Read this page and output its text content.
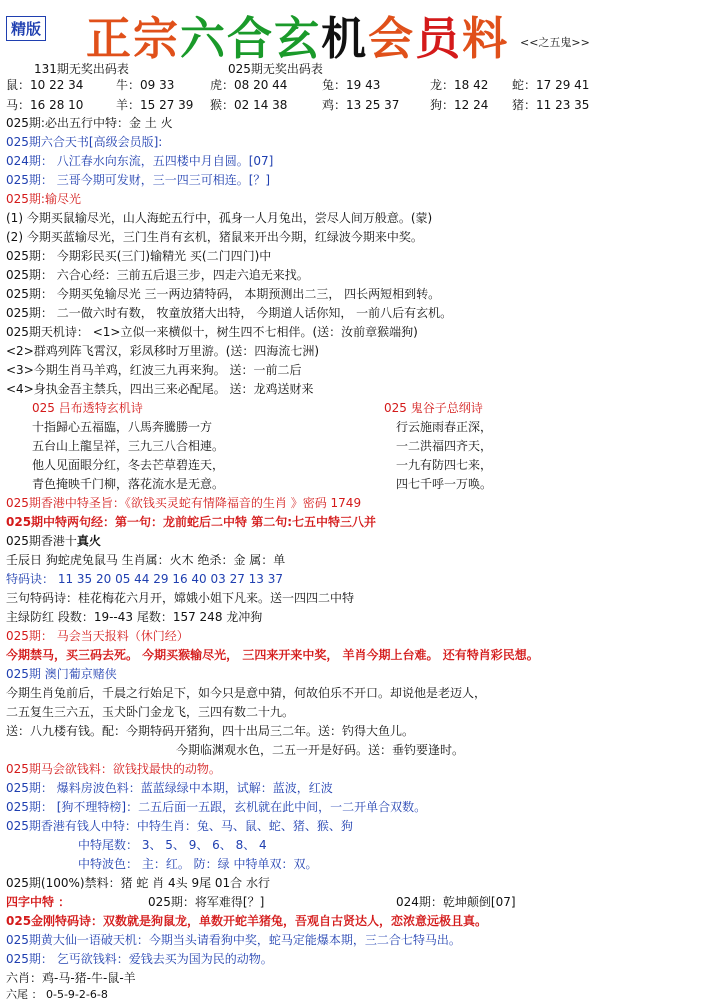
精版 正宗六合玄机会员料 <<之五鬼>>
131期无奖出码表	025期无奖出码表
鼠：10 22 34	牛：09 33	虎：08 20 44	兔：19 43	龙：18 42 蛇：17 29 41
马：16 28 10	羊：15 27 39 猴：02 14 38	鸡：13 25 37	狗：12 24 猪：11 23 35
025期:必出五行中特：金 土 火
025期六合天书[高级会员版]:
024期： 八江春水向东流，五四楼中月自圆。[07]
025期： 三哥今期可发财，三一四三可相连。[？]
025期:输尽光
(1) 今期买鼠输尽光，山人海蛇五行中，孤身一人月兔出，尝尽人间万般意。(蒙)
(2) 今期买蓝输尽光，三门生肖有玄机，猪鼠来开出今期，红绿波今期来中奖。
025期： 今期彩民买(三门)输精光 买(二门四门)中
025期： 六合心经：三前五后退三步，四走六追无来找。
025期： 今期买兔输尽光 三一两边猜特码， 本期预测出二三， 四长两短相到转。
025期： 二一做六时有数， 牧童放猪大出特， 今期道人话你知， 一前八后有玄机。
025期天机诗： <1>立似一来横似十，树生四不七相伴。(送：汝前章猴端狗)
<2>群鸡列阵飞霄汉，彩凤移时万里游。(送：四海流七洲)
<3>今期生肖马羊鸡，红波三九再来狗。 送：一前二后
<4>身执金吾主禁兵，四出三来必配尾。 送：龙鸡送财来
025 吕布透特玄机诗	025 鬼谷子总纲诗
十指歸心五福臨，八馬奔騰勝一方	行云施雨春正深，
五台山上龍呈祥，三九三八合相連。	一二洪福四齐天，
他人见面眼分红，冬去芒草碧连天，	一九有防四七来，
青色掩映千门柳，落花流水是无意。	四七千呼一万唤。
025期香港中特圣旨：《欲钱买灵蛇有情降福音的生肖 》密码 1749
025期中特两句经：第一句：龙前蛇后二中特 第二句:七五中特三八并
025期香港十真火
壬辰日 狗蛇虎兔鼠马 生肖属：火木 绝杀：金 属：单
特码诀： 11 35 20 05 44 29 16 40 03 27 13 37
三句特码诗：桂花梅花六月开，嫦娥小姐下凡来。送一四四二中特
主绿防红 段数：19--43 尾数：157 248 龙冲狗
025期： 马会当天报料（休门经）
今期禁马，买三码去死。 今期买猴输尽光， 三四来开来中奖， 羊肖今期上台难。 还有特肖彩民想。
025期 澳门葡京赌侠
今期生肖兔前后，千晨之行始足下，如今只是意中猜，何故伯乐不开口。却说他是老迈人，
二五复生三六五，玉犬卧门金龙飞，三四有数二十九。
送：八九楼有钱。配：今期特码开猪狗，四十出局三二年。送：钓得大鱼儿。
今期临渊观水色，二五一开是好码。送：垂钓要逢时。
025期马会欲钱料：欲钱找最快的动物。
025期： 爆料房波色料：蓝蓝绿绿中本期，试解：蓝波，红波
025期： [狗不理特榜]：二五后面一五跟，玄机就在此中间，一二开单合双数。
025期香港有钱人中特：中特生肖：兔、马、鼠、蛇、猪、猴、狗
中特尾数： 3、 5、 9、 6、 8、 4
中特波色： 主：红。 防：绿 中特单双：双。
025期(100%)禁料：猪 蛇 肖 4头 9尾 01合 水行
四字中特 ：	025期：将军难得[？]	024期：乾坤颠倒[07]
025金刚特码诗：双数就是狗鼠龙，单数开蛇羊猪兔，吾观自古贤达人，恋浓意远极且真。
025期黄大仙一语破天机：今期当头请看狗中奖，蛇马定能爆本期，三二合七特马出。
025期： 乞丐欲钱料：爱钱去买为国为民的动物。
六肖：鸡-马-猪-牛-鼠-羊
六尾 ： 0-5-9-2-6-8
